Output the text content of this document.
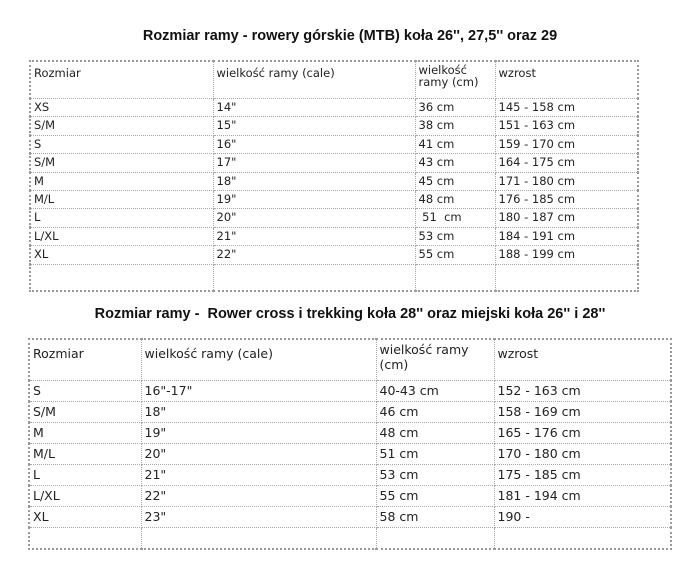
Rozmiar ramy - rowery górskie (MTB) koła 26'', 27,5'' oraz 29
Rozmiar	wielkość ramy (cale)	wielkość ramy (cm)	wzrost
XS	14"	36 cm	145 - 158 cm
S/M	15"	38 cm	151 - 163 cm
S	16"	41 cm	159 - 170 cm
S/M	17"	43 cm	164 - 175 cm
M	18"	45 cm	171 - 180 cm
M/L	19"	48 cm	176 - 185 cm
L	20"	51  cm	180 - 187 cm
L/XL	21"	53 cm	184 - 191 cm
XL	22"	55 cm	188 - 199 cm

Rozmiar ramy -  Rower cross i trekking koła 28'' oraz miejski koła 26'' i 28''
Rozmiar	wielkość ramy (cale)	wielkość ramy (cm)	wzrost
S	16"-17"	40-43 cm	152 - 163 cm
S/M	18"	46 cm	158 - 169 cm
M	19"	48 cm	165 - 176 cm
M/L	20"	51 cm	170 - 180 cm
L	21"	53 cm	175 - 185 cm
L/XL	22"	55 cm	181 - 194 cm
XL	23"	58 cm	190 -
